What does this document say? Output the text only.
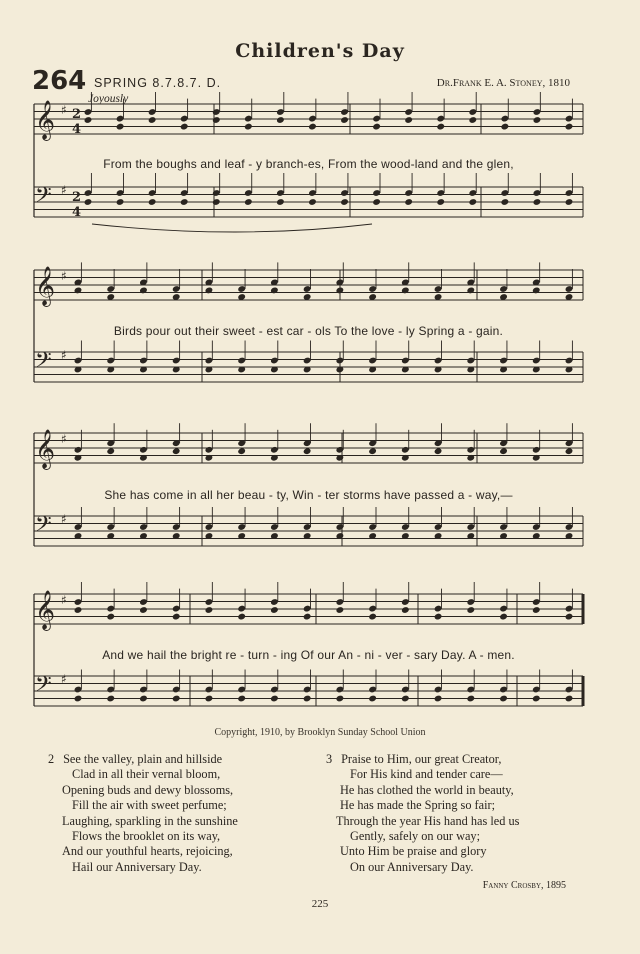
Children's Day
264 SPRING 8.7.8.7. D.	Dr.Frank E. A. Stoney, 1810
Joyously
𝄞 ♯ 2
4
𝄢 ♯ 2
4
𝄞 ♯
𝄢 ♯
𝄞 ♯
𝄢 ♯
𝄞 ♯
𝄢 ♯
From the boughs and leaf - y branch-es, From the wood-land and the glen,
Birds pour out their sweet - est car - ols To the love - ly Spring a - gain.
She has come in all her beau - ty, Win - ter storms have passed a - way,—
And we hail the bright re - turn - ing Of our An - ni - ver - sary Day. A - men.
Copyright, 1910, by Brooklyn Sunday School Union
2 See the valley, plain and hillside
Clad in all their vernal bloom,
Opening buds and dewy blossoms,
Fill the air with sweet perfume;
Laughing, sparkling in the sunshine
Flows the brooklet on its way,
And our youthful hearts, rejoicing,
Hail our Anniversary Day.
3 Praise to Him, our great Creator,
For His kind and tender care—
He has clothed the world in beauty,
He has made the Spring so fair;
Through the year His hand has led us
Gently, safely on our way;
Unto Him be praise and glory
On our Anniversary Day.
Fanny Crosby, 1895
225
